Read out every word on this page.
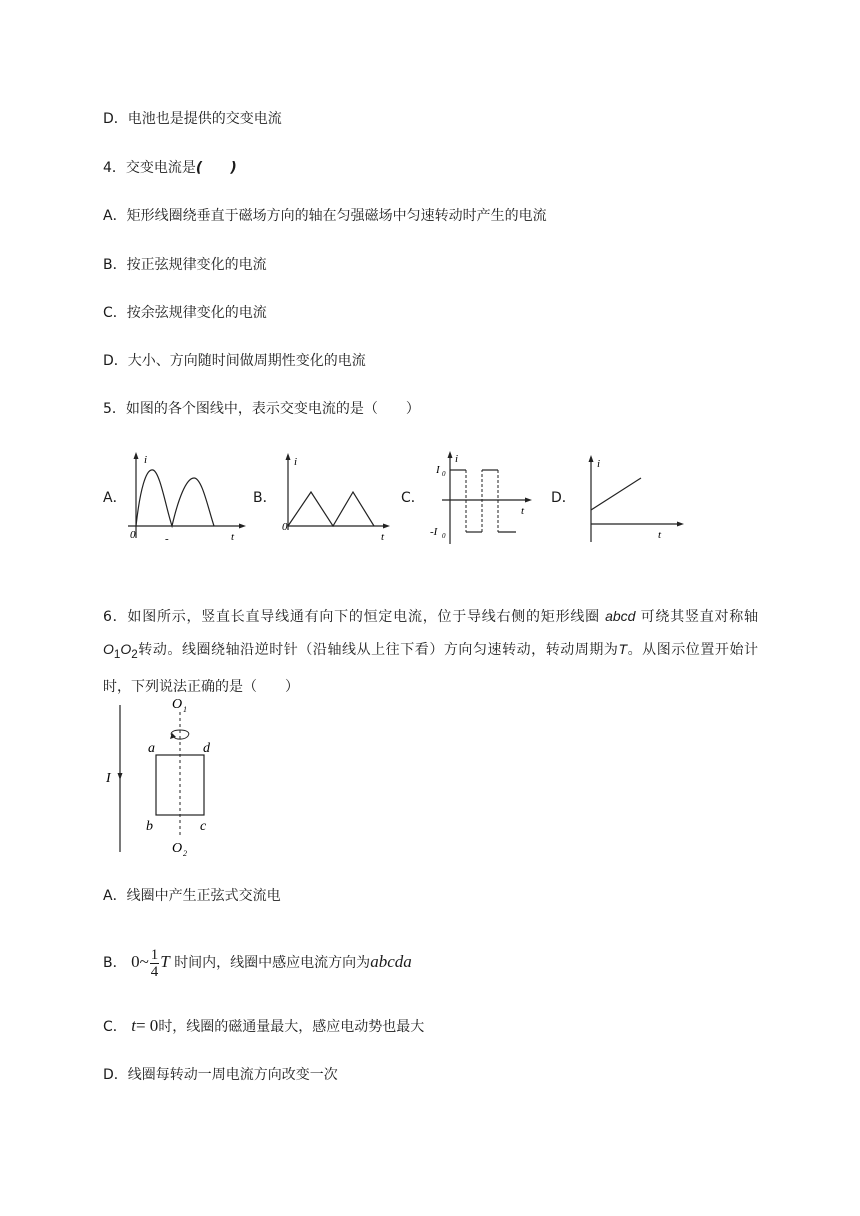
D．电池也是提供的交变电流
4．交变电流是(　　)
A．矩形线圈绕垂直于磁场方向的轴在匀强磁场中匀速转动时产生的电流
B．按正弦规律变化的电流
C．按余弦规律变化的电流
D．大小、方向随时间做周期性变化的电流
5．如图的各个图线中，表示交变电流的是（　　）
A．
i
0	-	t
B．
i
0
t
C．
i
I 0
-I 0
t
D．
i
t
6．如图所示，竖直长直导线通有向下的恒定电流，位于导线右侧的矩形线圈 abcd 可绕其竖直对称轴 $O_1O_2$转动。线圈绕轴沿逆时针（沿轴线从上往下看）方向匀速转动，转动周期为T。从图示位置开始计时，下列说法正确的是（　　）
I
O 1
O 2
a	d
b	c
A．线圈中产生正弦式交流电
B． 0~ $\frac{1}{4}$ T 时间内，线圈中感应电流方向为abcda
C． t= 0时，线圈的磁通量最大，感应电动势也最大
D．线圈每转动一周电流方向改变一次
